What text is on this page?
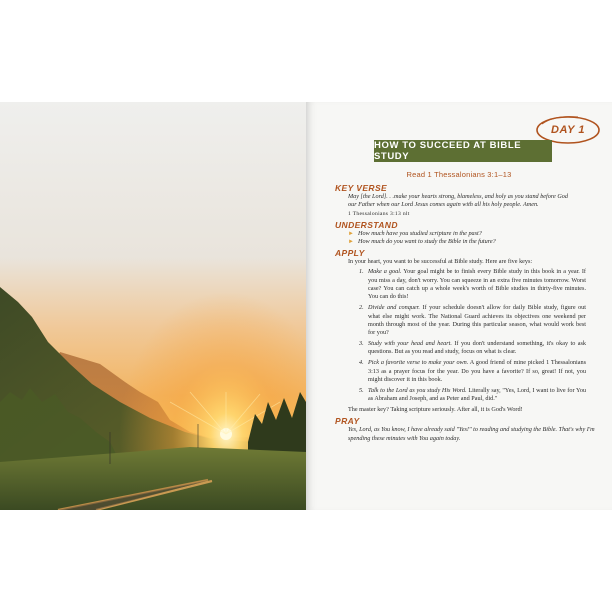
DAY 1
HOW TO SUCCEED AT BIBLE STUDY
Read 1 Thessalonians 3:1–13
KEY VERSE
May [the Lord]. . .make your hearts strong, blameless, and holy as you stand before God
our Father when our Lord Jesus comes again with all his holy people. Amen.
1 Thessalonians 3:13 nlt
UNDERSTAND
► How much have you studied scripture in the past?
► How much do you want to study the Bible in the future?
APPLY
In your heart, you want to be successful at Bible study. Here are five keys:
1. Make a goal. Your goal might be to finish every Bible study in this book in a year. If you miss a day, don't worry. You can squeeze in an extra five minutes tomorrow. Worst case? You can catch up a whole week's worth of Bible studies in thirty-five minutes. You can do this!
2. Divide and conquer. If your schedule doesn't allow for daily Bible study, figure out what else might work. The National Guard achieves its objectives one weekend per month through most of the year. During this particular season, what would work best for you?
3. Study with your head and heart. If you don't understand something, it's okay to ask questions. But as you read and study, focus on what is clear.
4. Pick a favorite verse to make your own. A good friend of mine picked 1 Thessalonians 3:13 as a prayer focus for the year. Do you have a favorite? If so, great! If not, you might discover it in this book.
5. Talk to the Lord as you study His Word. Literally say, "Yes, Lord, I want to live for You as Abraham and Joseph, and as Peter and Paul, did."
The master key? Taking scripture seriously. After all, it is God's Word!
PRAY
Yes, Lord, as You know, I have already said "Yes!" to reading and studying the Bible. That's why I'm spending these minutes with You again today.
